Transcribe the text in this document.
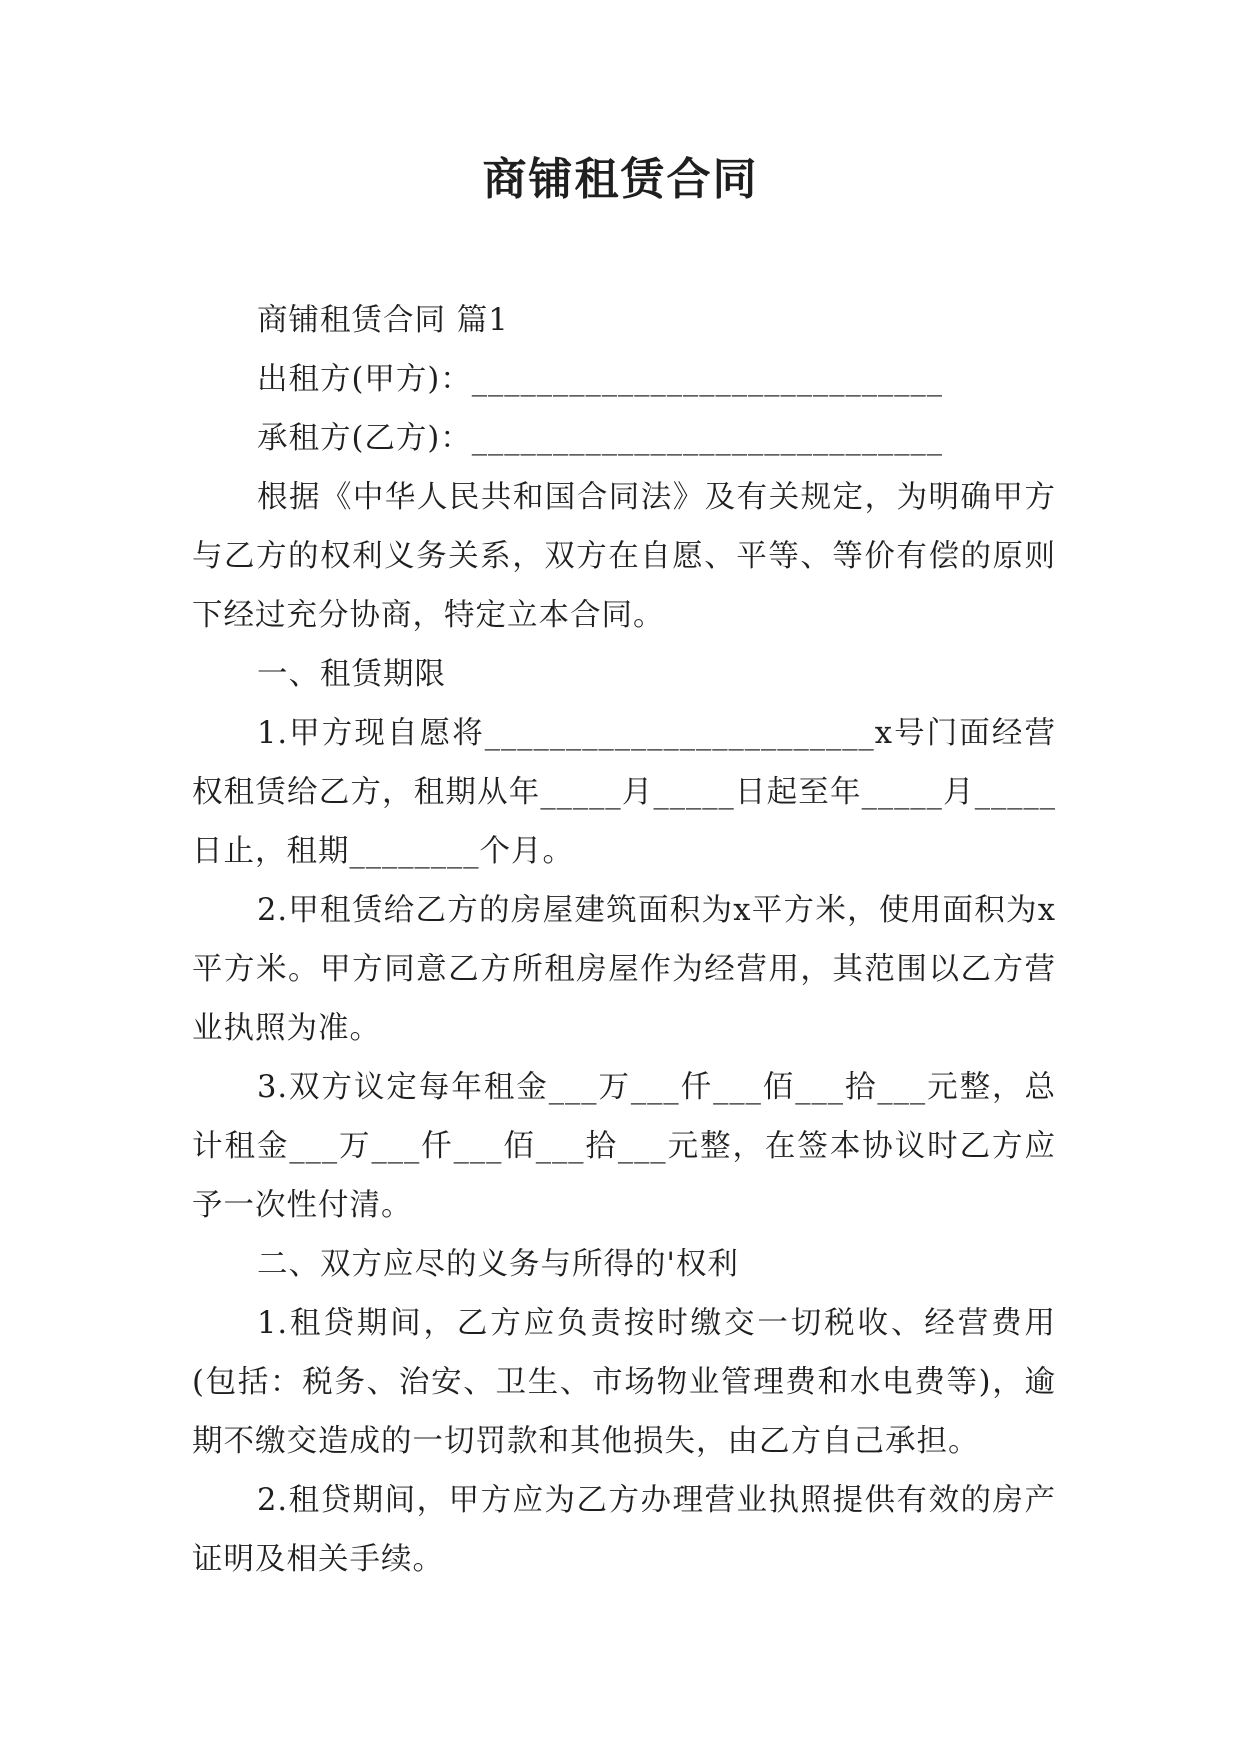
商铺租赁合同

商铺租赁合同 篇1

出租方(甲方)：_____________________________

承租方(乙方)：_____________________________

根据《中华人民共和国合同法》及有关规定，为明确甲方与乙方的权利义务关系，双方在自愿、平等、等价有偿的原则下经过充分协商，特定立本合同。

一、租赁期限

1.甲方现自愿将________________________x号门面经营权租赁给乙方，租期从年_____月_____日起至年_____月_____日止，租期________个月。

2.甲租赁给乙方的房屋建筑面积为x平方米，使用面积为x平方米。甲方同意乙方所租房屋作为经营用，其范围以乙方营业执照为准。

3.双方议定每年租金___万___仟___佰___拾___元整，总计租金___万___仟___佰___拾___元整，在签本协议时乙方应予一次性付清。

二、双方应尽的义务与所得的'权利

1.租贷期间，乙方应负责按时缴交一切税收、经营费用(包括：税务、治安、卫生、市场物业管理费和水电费等)，逾期不缴交造成的一切罚款和其他损失，由乙方自己承担。

2.租贷期间，甲方应为乙方办理营业执照提供有效的房产证明及相关手续。
